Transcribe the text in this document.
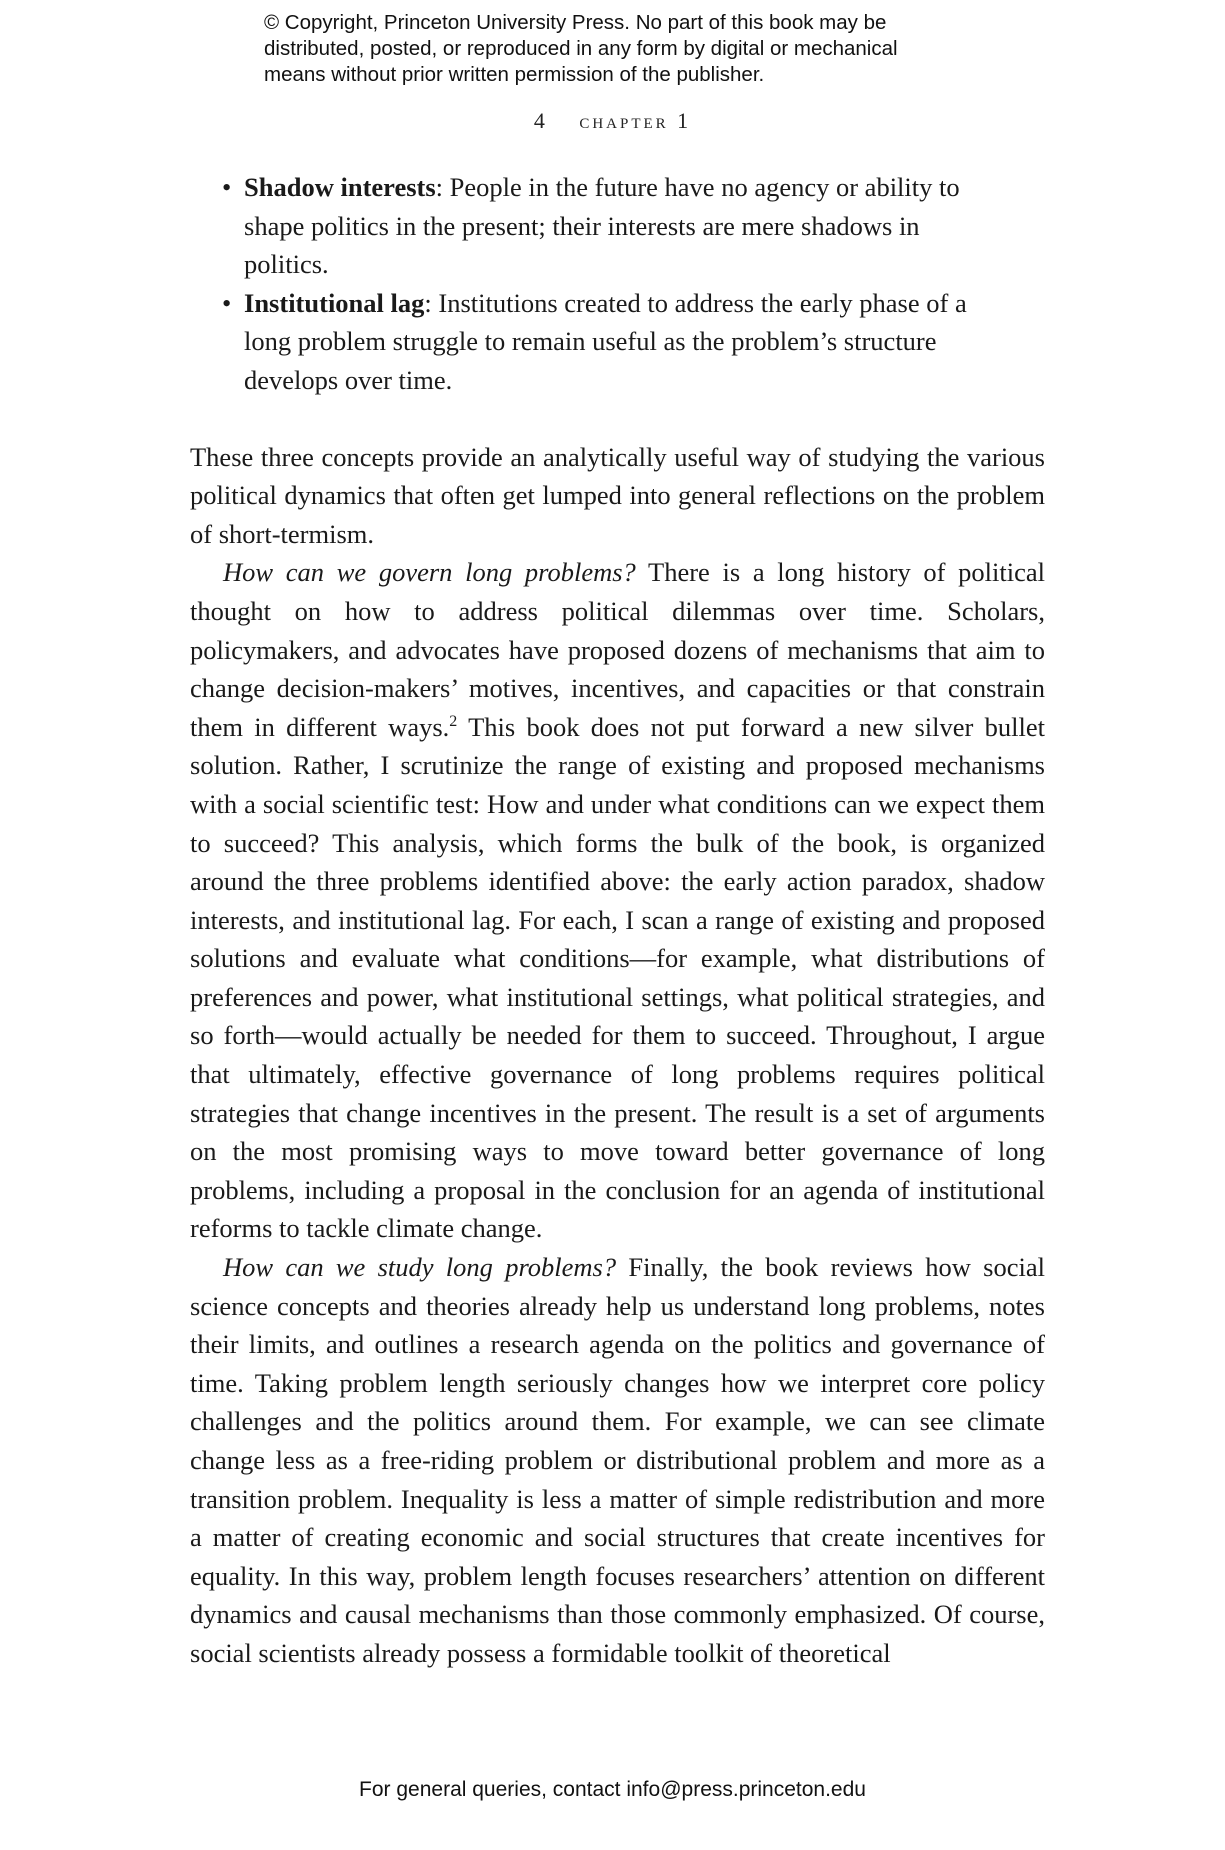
© Copyright, Princeton University Press. No part of this book may be

distributed, posted, or reproduced in any form by digital or mechanical

means without prior written permission of the publisher.

4 chapter 1
• Shadow interests: People in the future have no agency or ability to shape politics in the present; their interests are mere shadows in politics.
• Institutional lag: Institutions created to address the early phase of a long problem struggle to remain useful as the problem’s structure develops over time.

These three concepts provide an analytically useful way of studying the various political dynamics that often get lumped into general reflections on the problem of short-termism.

How can we govern long problems? There is a long history of political thought on how to address political dilemmas over time. Scholars, policymakers, and advocates have proposed dozens of mechanisms that aim to change decision-makers’ motives, incentives, and capacities or that constrain them in different ways.$^2$ This book does not put forward a new silver bullet solution. Rather, I scrutinize the range of existing and proposed mechanisms with a social scientific test: How and under what conditions can we expect them to succeed? This analysis, which forms the bulk of the book, is organized around the three problems identified above: the early action paradox, shadow interests, and institutional lag. For each, I scan a range of existing and proposed solutions and evaluate what conditions—for example, what distributions of preferences and power, what institutional settings, what political strategies, and so forth—would actually be needed for them to succeed. Throughout, I argue that ultimately, effective governance of long problems requires political strategies that change incentives in the present. The result is a set of arguments on the most promising ways to move toward better governance of long problems, including a proposal in the conclusion for an agenda of institutional reforms to tackle climate change.

How can we study long problems? Finally, the book reviews how social science concepts and theories already help us understand long problems, notes their limits, and outlines a research agenda on the politics and governance of time. Taking problem length seriously changes how we interpret core policy challenges and the politics around them. For example, we can see climate change less as a free-riding problem or distributional problem and more as a transition problem. Inequality is less a matter of simple redistribution and more a matter of creating economic and social structures that create incentives for equality. In this way, problem length focuses researchers’ attention on different dynamics and causal mechanisms than those commonly emphasized. Of course, social scientists already possess a formidable toolkit of theoretical

For general queries, contact info@press.princeton.edu
